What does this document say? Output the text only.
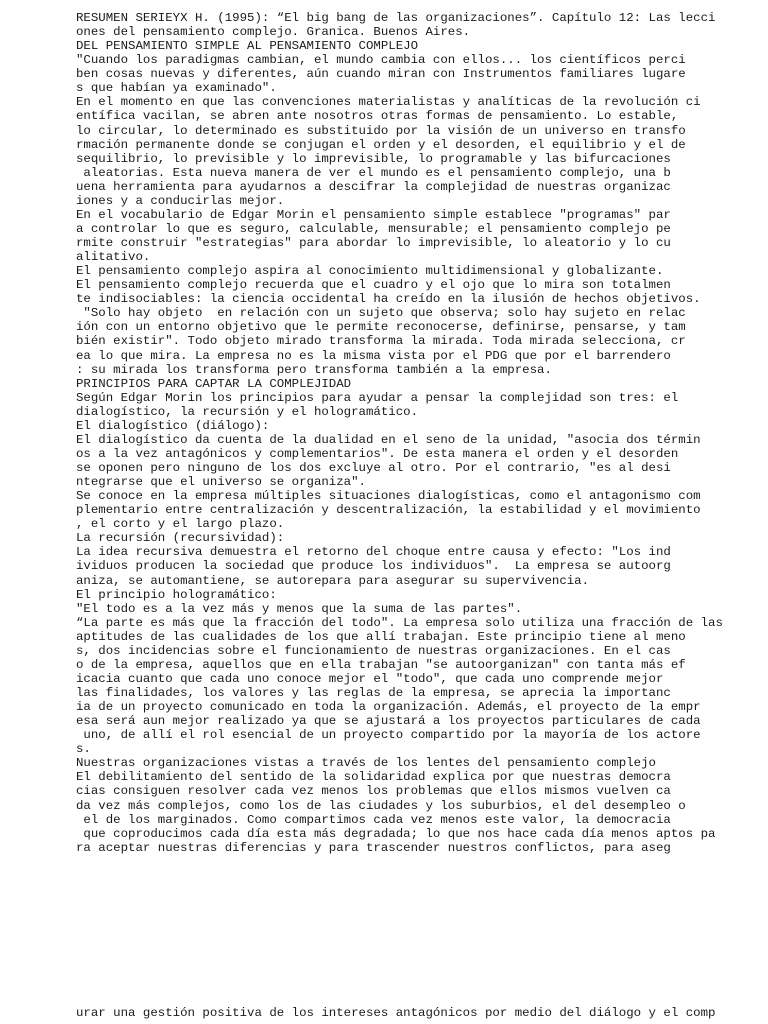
RESUMEN SERIEYX H. (1995): “El big bang de las organizaciones”. Capítulo 12: Las lecci
ones del pensamiento complejo. Granica. Buenos Aires.
DEL PENSAMIENTO SIMPLE AL PENSAMIENTO COMPLEJO
"Cuando los paradigmas cambian, el mundo cambia con ellos... los científicos perci
ben cosas nuevas y diferentes, aún cuando miran con Instrumentos familiares lugare
s que habían ya examinado".
En el momento en que las convenciones materialistas y analíticas de la revolución ci
entífica vacilan, se abren ante nosotros otras formas de pensamiento. Lo estable,
lo circular, lo determinado es substituido por la visión de un universo en transfo
rmación permanente donde se conjugan el orden y el desorden, el equilibrio y el de
sequilibrio, lo previsible y lo imprevisible, lo programable y las bifurcaciones
aleatorias. Esta nueva manera de ver el mundo es el pensamiento complejo, una b
uena herramienta para ayudarnos a descifrar la complejidad de nuestras organizac
iones y a conducirlas mejor.
En el vocabulario de Edgar Morin el pensamiento simple establece "programas" par
a controlar lo que es seguro, calculable, mensurable; el pensamiento complejo pe
rmite construir "estrategias" para abordar lo imprevisible, lo aleatorio y lo cu
alitativo.
El pensamiento complejo aspira al conocimiento multidimensional y globalizante.
El pensamiento complejo recuerda que el cuadro y el ojo que lo mira son totalmen
te indisociables: la ciencia occidental ha creído en la ilusión de hechos objetivos.
"Solo hay objeto  en relación con un sujeto que observa; solo hay sujeto en relac
ión con un entorno objetivo que le permite reconocerse, definirse, pensarse, y tam
bién existir". Todo objeto mirado transforma la mirada. Toda mirada selecciona, cr
ea lo que mira. La empresa no es la misma vista por el PDG que por el barrendero
: su mirada los transforma pero transforma también a la empresa.
PRINCIPIOS PARA CAPTAR LA COMPLEJIDAD
Según Edgar Morin los principios para ayudar a pensar la complejidad son tres: el
dialogístico, la recursión y el hologramático.
El dialogístico (diálogo):
El dialogístico da cuenta de la dualidad en el seno de la unidad, "asocia dos términ
os a la vez antagónicos y complementarios". De esta manera el orden y el desorden
se oponen pero ninguno de los dos excluye al otro. Por el contrario, "es al desi
ntegrarse que el universo se organiza".
Se conoce en la empresa múltiples situaciones dialogísticas, como el antagonismo com
plementario entre centralización y descentralización, la estabilidad y el movimiento
, el corto y el largo plazo.
La recursión (recursividad):
La idea recursiva demuestra el retorno del choque entre causa y efecto: "Los ind
ividuos producen la sociedad que produce los individuos".  La empresa se autoorg
aniza, se automantiene, se autorepara para asegurar su supervivencia.
El principio hologramático:
"El todo es a la vez más y menos que la suma de las partes".
“La parte es más que la fracción del todo". La empresa solo utiliza una fracción de las
aptitudes de las cualidades de los que allí trabajan. Este principio tiene al meno
s, dos incidencias sobre el funcionamiento de nuestras organizaciones. En el cas
o de la empresa, aquellos que en ella trabajan "se autoorganizan" con tanta más ef
icacia cuanto que cada uno conoce mejor el "todo", que cada uno comprende mejor
las finalidades, los valores y las reglas de la empresa, se aprecia la importanc
ia de un proyecto comunicado en toda la organización. Además, el proyecto de la empr
esa será aun mejor realizado ya que se ajustará a los proyectos particulares de cada
uno, de allí el rol esencial de un proyecto compartido por la mayoría de los actore
s.
Nuestras organizaciones vistas a través de los lentes del pensamiento complejo
El debilitamiento del sentido de la solidaridad explica por que nuestras democra
cias consiguen resolver cada vez menos los problemas que ellos mismos vuelven ca
da vez más complejos, como los de las ciudades y los suburbios, el del desempleo o
el de los marginados. Como compartimos cada vez menos este valor, la democracia
que coproducimos cada día esta más degradada; lo que nos hace cada día menos aptos pa
ra aceptar nuestras diferencias y para trascender nuestros conflictos, para aseg
urar una gestión positiva de los intereses antagónicos por medio del diálogo y el comp
